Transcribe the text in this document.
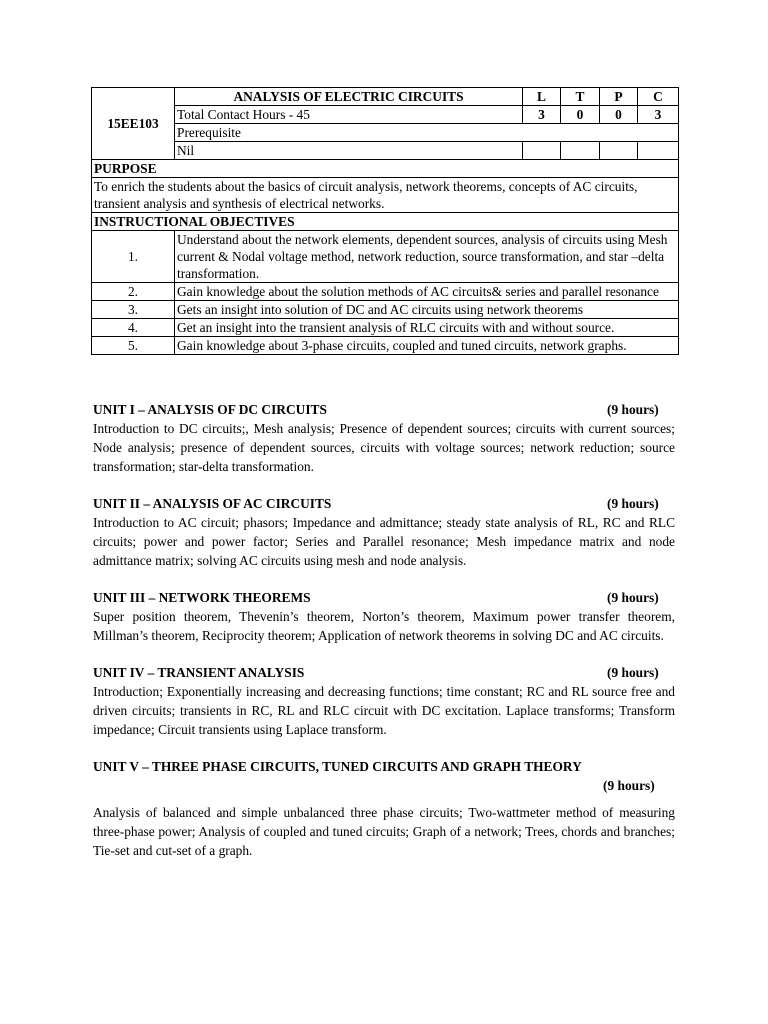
15EE103	ANALYSIS OF ELECTRIC CIRCUITS	L	T	P	C
	Total Contact Hours - 45	3	0	0	3
	Prerequisite				
	Nil				
PURPOSE					
To enrich the students about the basics of circuit analysis, network theorems, concepts of AC circuits, transient analysis and synthesis of electrical networks.					
INSTRUCTIONAL OBJECTIVES					
1.	Understand about the network elements, dependent sources, analysis of circuits using Mesh current & Nodal voltage method, network reduction, source transformation, and star –delta transformation.				
2.	Gain knowledge about the solution methods of AC circuits& series and parallel resonance				
3.	Gets an insight into solution of DC and AC circuits using network theorems				
4.	Get an insight into the transient analysis of RLC circuits with and without source.				
5.	Gain knowledge about 3-phase circuits, coupled and tuned circuits, network graphs.				
UNIT I – ANALYSIS OF DC CIRCUITS	(9 hours)
Introduction to DC circuits;, Mesh analysis; Presence of dependent sources; circuits with current sources; Node analysis; presence of dependent sources, circuits with voltage sources; network reduction; source transformation; star-delta transformation.
UNIT II – ANALYSIS OF AC CIRCUITS	(9 hours)
Introduction to AC circuit; phasors; Impedance and admittance; steady state analysis of RL, RC and RLC circuits; power and power factor; Series and Parallel resonance; Mesh impedance matrix and node admittance matrix; solving AC circuits using mesh and node analysis.
UNIT III – NETWORK THEOREMS	(9 hours)
Super position theorem, Thevenin’s theorem, Norton’s theorem, Maximum power transfer theorem, Millman’s theorem, Reciprocity theorem; Application of network theorems in solving DC and AC circuits.
UNIT IV – TRANSIENT ANALYSIS	(9 hours)
Introduction; Exponentially increasing and decreasing functions; time constant; RC and RL source free and driven circuits; transients in RC, RL and RLC circuit with DC excitation. Laplace transforms; Transform impedance; Circuit transients using Laplace transform.
UNIT V – THREE PHASE CIRCUITS, TUNED CIRCUITS AND GRAPH THEORY
(9 hours)
Analysis of balanced and simple unbalanced three phase circuits; Two-wattmeter method of measuring three-phase power; Analysis of coupled and tuned circuits; Graph of a network; Trees, chords and branches; Tie-set and cut-set of a graph.
